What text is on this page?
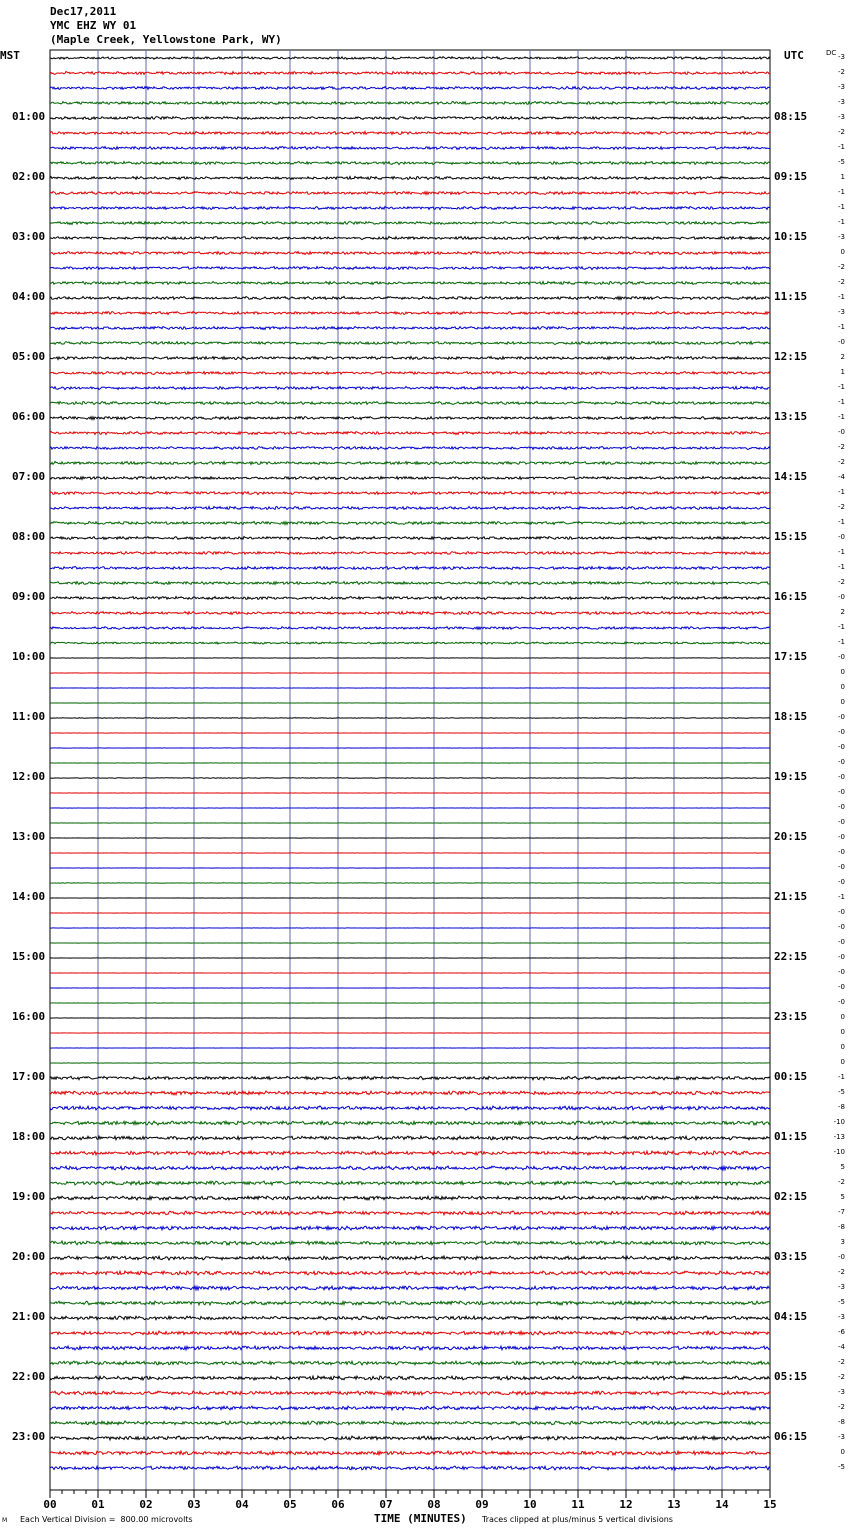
Dec17,2011
YMC EHZ WY 01
(Maple Creek, Yellowstone Park, WY)
MST	UTC	DC
00	01	02	03	04	05	06	07	08	09	10	11	12	13	14	15
01:00	08:15
02:00	09:15
03:00	10:15
04:00	11:15
05:00	12:15
06:00	13:15
07:00	14:15
08:00	15:15
09:00	16:15
10:00	17:15
11:00	18:15
12:00	19:15
13:00	20:15
14:00	21:15
15:00	22:15
16:00	23:15
17:00	00:15
18:00	01:15
19:00	02:15
20:00	03:15
21:00	04:15
22:00	05:15
23:00	06:15
-3
-2
-3
-3
-3
-2
-1
-5
1
-1
-1
-1
-3
0
-2
-2
-1
-3
-1
-0
2
1
-1
-1
-1
-0
-2
-2
-4
-1
-2
-1
-0
-1
-1
-2
-0
2
-1
-1
-0
0
0
0
-0
-0
-0
-0
-0
-0
-0
-0
-0
-0
-0
-0
-1
-0
-0
-0
-0
-0
-0
-0
0
0
0
0
-1
-5
-8
-10
-13
-10
5
-2
5
-7
-8
3
-0
-2
-3
-5
-3
-6
-4
-2
-2
-3
-2
-8
-3
0
-5
M Each Vertical Division =  800.00 microvolts	TIME (MINUTES) Traces clipped at plus/minus 5 vertical divisions
